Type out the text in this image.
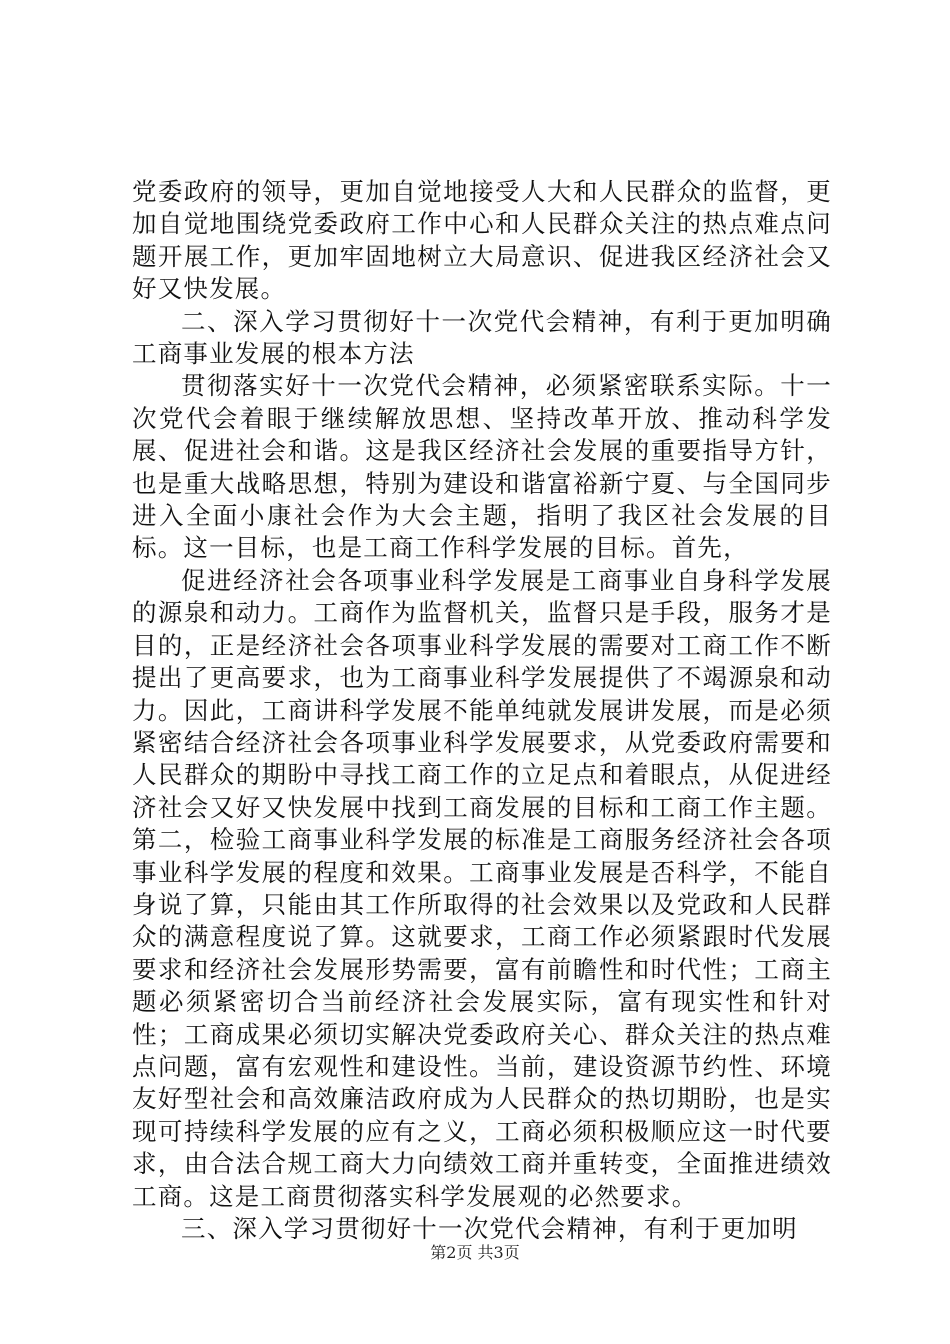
党委政府的领导，更加自觉地接受人大和人民群众的监督，更加自觉地围绕党委政府工作中心和人民群众关注的热点难点问题开展工作，更加牢固地树立大局意识、促进我区经济社会又好又快发展。

二、深入学习贯彻好十一次党代会精神，有利于更加明确工商事业发展的根本方法

贯彻落实好十一次党代会精神，必须紧密联系实际。十一次党代会着眼于继续解放思想、坚持改革开放、推动科学发展、促进社会和谐。这是我区经济社会发展的重要指导方针，也是重大战略思想，特别为建设和谐富裕新宁夏、与全国同步进入全面小康社会作为大会主题，指明了我区社会发展的目标。这一目标，也是工商工作科学发展的目标。首先，

促进经济社会各项事业科学发展是工商事业自身科学发展的源泉和动力。工商作为监督机关，监督只是手段，服务才是目的，正是经济社会各项事业科学发展的需要对工商工作不断提出了更高要求，也为工商事业科学发展提供了不竭源泉和动力。因此，工商讲科学发展不能单纯就发展讲发展，而是必须紧密结合经济社会各项事业科学发展要求，从党委政府需要和人民群众的期盼中寻找工商工作的立足点和着眼点，从促进经济社会又好又快发展中找到工商发展的目标和工商工作主题。第二，检验工商事业科学发展的标准是工商服务经济社会各项事业科学发展的程度和效果。工商事业发展是否科学，不能自身说了算，只能由其工作所取得的社会效果以及党政和人民群众的满意程度说了算。这就要求，工商工作必须紧跟时代发展要求和经济社会发展形势需要，富有前瞻性和时代性；工商主题必须紧密切合当前经济社会发展实际，富有现实性和针对性；工商成果必须切实解决党委政府关心、群众关注的热点难点问题，富有宏观性和建设性。当前，建设资源节约性、环境友好型社会和高效廉洁政府成为人民群众的热切期盼，也是实现可持续科学发展的应有之义，工商必须积极顺应这一时代要求，由合法合规工商大力向绩效工商并重转变，全面推进绩效工商。这是工商贯彻落实科学发展观的必然要求。

三、深入学习贯彻好十一次党代会精神，有利于更加明

第2页 共3页
